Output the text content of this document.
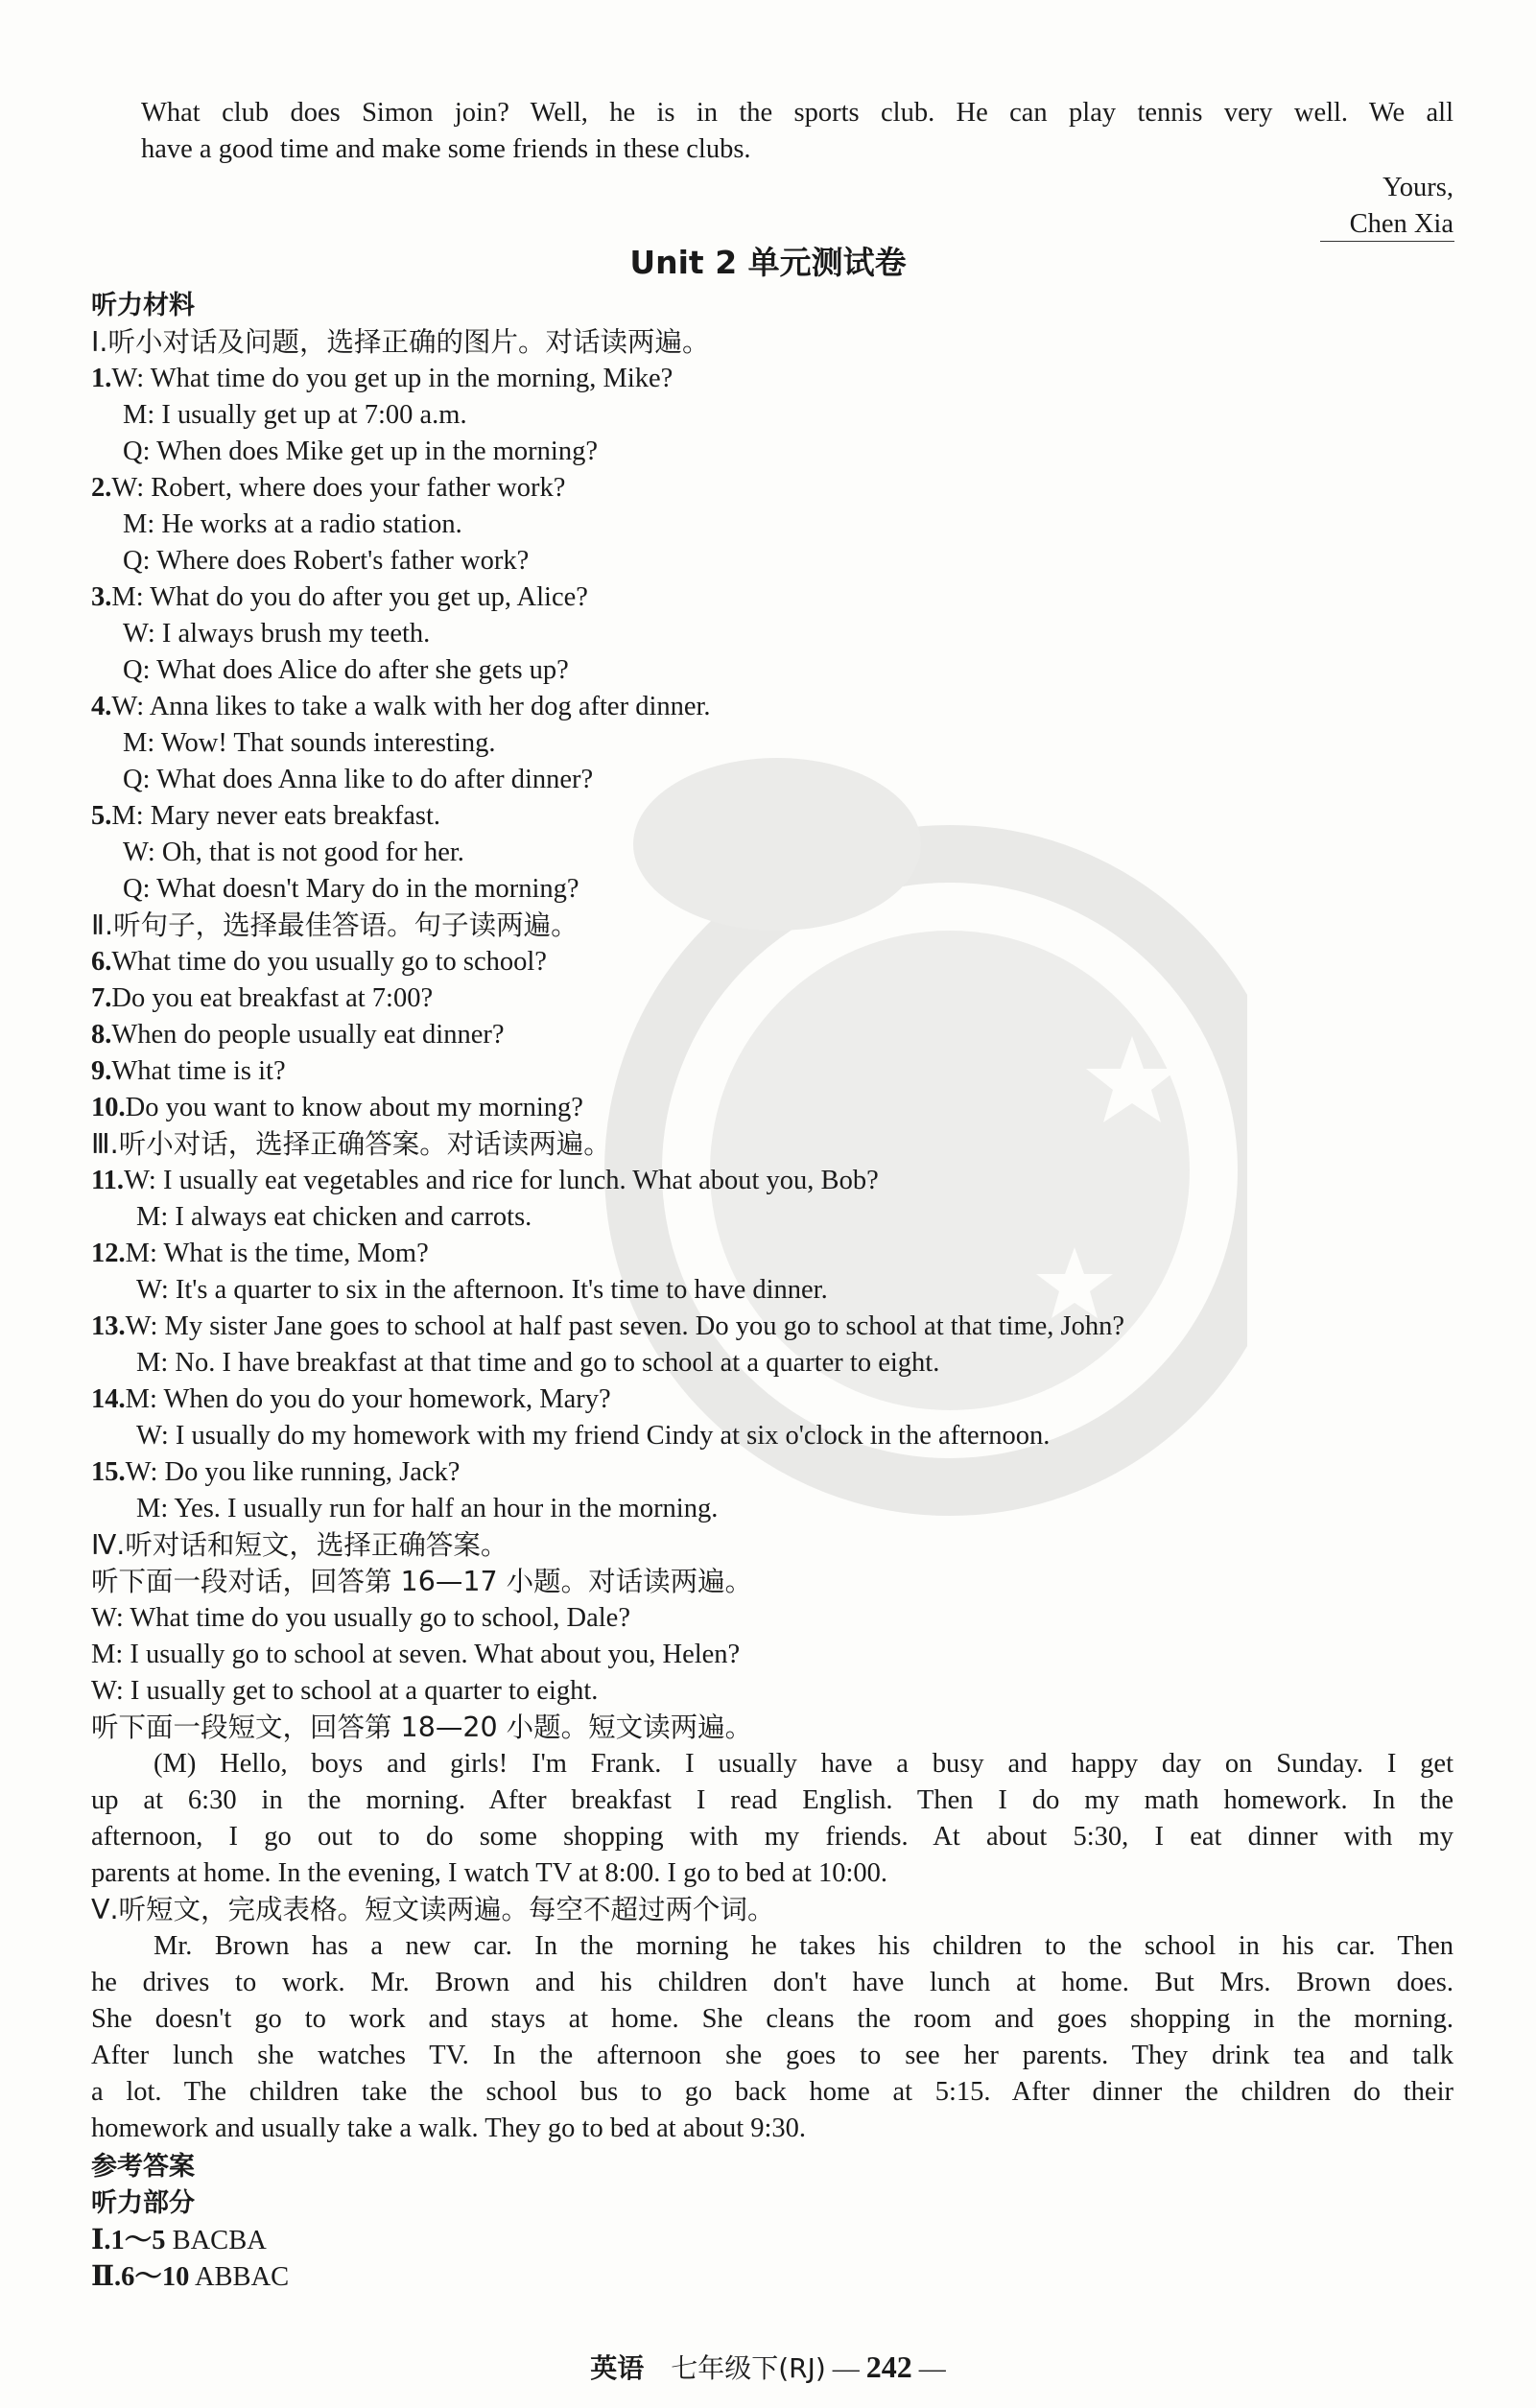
What club does Simon join? Well, he is in the sports club. He can play tennis very well. We all
have a good time and make some friends in these clubs.
Yours,
Chen Xia
Unit 2 单元测试卷
听力材料
Ⅰ.听小对话及问题，选择正确的图片。对话读两遍。
1.W: What time do you get up in the morning, Mike?
M: I usually get up at 7:00 a.m.
Q: When does Mike get up in the morning?
2.W: Robert, where does your father work?
M: He works at a radio station.
Q: Where does Robert's father work?
3.M: What do you do after you get up, Alice?
W: I always brush my teeth.
Q: What does Alice do after she gets up?
4.W: Anna likes to take a walk with her dog after dinner.
M: Wow! That sounds interesting.
Q: What does Anna like to do after dinner?
5.M: Mary never eats breakfast.
W: Oh, that is not good for her.
Q: What doesn't Mary do in the morning?
Ⅱ.听句子，选择最佳答语。句子读两遍。
6.What time do you usually go to school?
7.Do you eat breakfast at 7:00?
8.When do people usually eat dinner?
9.What time is it?
10.Do you want to know about my morning?
Ⅲ.听小对话，选择正确答案。对话读两遍。
11.W: I usually eat vegetables and rice for lunch. What about you, Bob?
M: I always eat chicken and carrots.
12.M: What is the time, Mom?
W: It's a quarter to six in the afternoon. It's time to have dinner.
13.W: My sister Jane goes to school at half past seven. Do you go to school at that time, John?
M: No. I have breakfast at that time and go to school at a quarter to eight.
14.M: When do you do your homework, Mary?
W: I usually do my homework with my friend Cindy at six o'clock in the afternoon.
15.W: Do you like running, Jack?
M: Yes. I usually run for half an hour in the morning.
Ⅳ.听对话和短文，选择正确答案。
听下面一段对话，回答第 16—17 小题。对话读两遍。
W: What time do you usually go to school, Dale?
M: I usually go to school at seven. What about you, Helen?
W: I usually get to school at a quarter to eight.
听下面一段短文，回答第 18—20 小题。短文读两遍。
(M) Hello, boys and girls! I'm Frank. I usually have a busy and happy day on Sunday. I get
up at 6:30 in the morning. After breakfast I read English. Then I do my math homework. In the
afternoon, I go out to do some shopping with my friends. At about 5:30, I eat dinner with my
parents at home. In the evening, I watch TV at 8:00. I go to bed at 10:00.
Ⅴ.听短文，完成表格。短文读两遍。每空不超过两个词。
Mr. Brown has a new car. In the morning he takes his children to the school in his car. Then
he drives to work. Mr. Brown and his children don't have lunch at home. But Mrs. Brown does.
She doesn't go to work and stays at home. She cleans the room and goes shopping in the morning.
After lunch she watches TV. In the afternoon she goes to see her parents. They drink tea and talk
a lot. The children take the school bus to go back home at 5:15. After dinner the children do their
homework and usually take a walk. They go to bed at about 9:30.
参考答案
听力部分
Ⅰ.1～5 BACBA
Ⅱ.6～10 ABBAC
英语 七年级下(RJ) — 242 —
